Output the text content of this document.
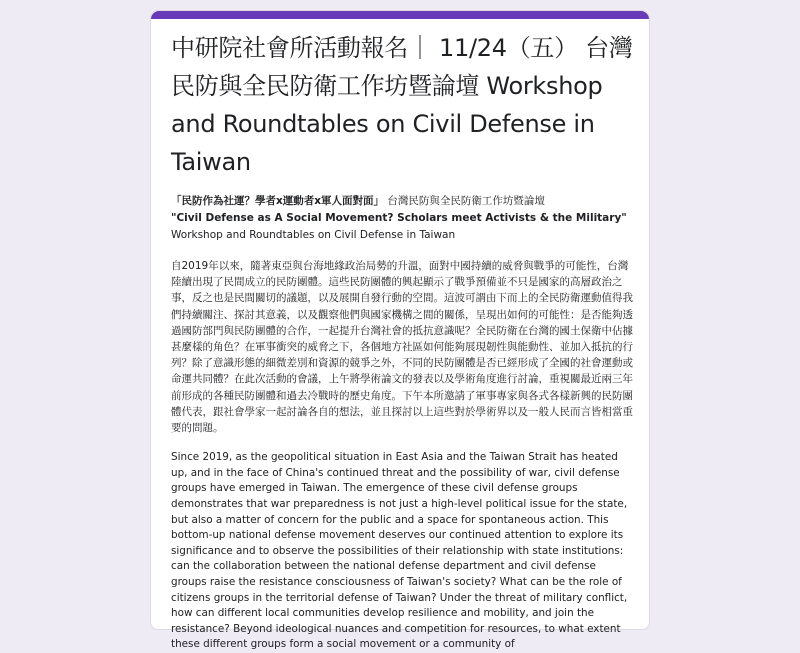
中研院社會所活動報名｜ 11/24（五） 台灣民防與全民防衛工作坊暨論壇 Workshop and Roundtables on Civil Defense in Taiwan
「民防作為社運？學者x運動者x軍人面對面」 台灣民防與全民防衛工作坊暨論壇
"Civil Defense as A Social Movement? Scholars meet Activists & the Military" Workshop and Roundtables on Civil Defense in Taiwan
自2019年以來，隨著東亞與台海地緣政治局勢的升溫，面對中國持續的威脅與戰爭的可能性，台灣陸續出現了民間成立的民防團體。這些民防團體的興起顯示了戰爭預備並不只是國家的高層政治之事，反之也是民間關切的議題，以及展開自發行動的空間。這波可謂由下而上的全民防衛運動值得我們持續關注、探討其意義，以及觀察他們與國家機構之間的關係，呈現出如何的可能性：是否能夠透過國防部門與民防團體的合作，一起提升台灣社會的抵抗意識呢？全民防衛在台灣的國土保衛中佔據甚麼樣的角色？在軍事衝突的威脅之下，各個地方社區如何能夠展現韌性與能動性、並加入抵抗的行列？除了意識形態的細微差別和資源的競爭之外，不同的民防團體是否已經形成了全國的社會運動或命運共同體？在此次活動的會議，上午將學術論文的發表以及學術角度進行討論，重視關最近兩三年前形成的各種民防團體和過去冷戰時的歷史角度。下午本所邀請了軍事專家與各式各樣新興的民防團體代表，跟社會學家一起討論各自的想法，並且探討以上這些對於學術界以及一般人民而言皆相當重要的問題。
Since 2019, as the geopolitical situation in East Asia and the Taiwan Strait has heated up, and in the face of China's continued threat and the possibility of war, civil defense groups have emerged in Taiwan. The emergence of these civil defense groups demonstrates that war preparedness is not just a high-level political issue for the state, but also a matter of concern for the public and a space for spontaneous action. This bottom-up national defense movement deserves our continued attention to explore its significance and to observe the possibilities of their relationship with state institutions: can the collaboration between the national defense department and civil defense groups raise the resistance consciousness of Taiwan's society? What can be the role of citizens groups in the territorial defense of Taiwan? Under the threat of military conflict, how can different local communities develop resilience and mobility, and join the resistance? Beyond ideological nuances and competition for resources, to what extent these different groups form a social movement or a community of
